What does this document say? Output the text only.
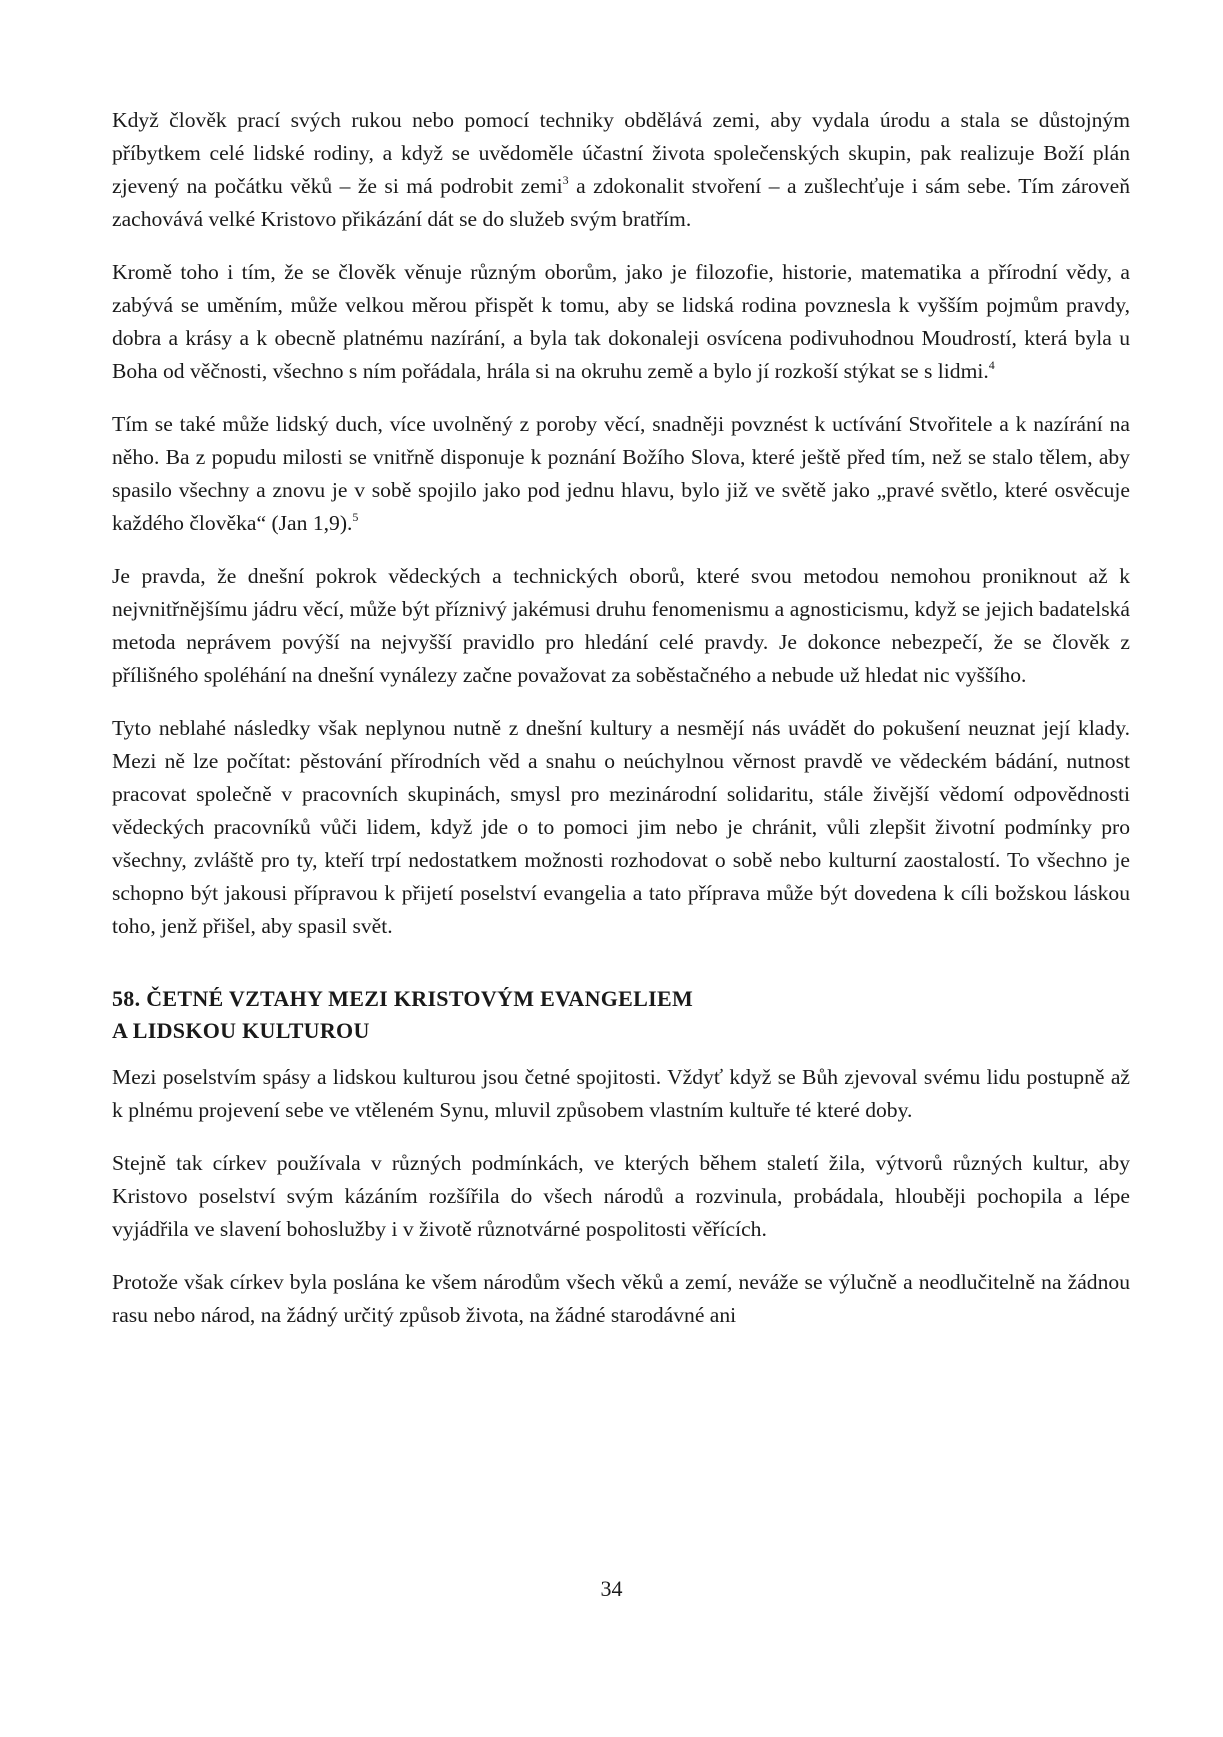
Když člověk prací svých rukou nebo pomocí techniky obdělává zemi, aby vydala úrodu a stala se důstojným příbytkem celé lidské rodiny, a když se uvědoměle účastní života společenských skupin, pak realizuje Boží plán zjevený na počátku věků – že si má podrobit zemi$^3$ a zdokonalit stvoření – a zušlechťuje i sám sebe. Tím zároveň zachovává velké Kristovo přikázání dát se do služeb svým bratřím.

Kromě toho i tím, že se člověk věnuje různým oborům, jako je filozofie, historie, matematika a přírodní vědy, a zabývá se uměním, může velkou měrou přispět k tomu, aby se lidská rodina povznesla k vyšším pojmům pravdy, dobra a krásy a k obecně platnému nazírání, a byla tak dokonaleji osvícena podivuhodnou Moudrostí, která byla u Boha od věčnosti, všechno s ním pořádala, hrála si na okruhu země a bylo jí rozkoší stýkat se s lidmi.$^4$

Tím se také může lidský duch, více uvolněný z poroby věcí, snadněji povznést k uctívání Stvořitele a k nazírání na něho. Ba z popudu milosti se vnitřně disponuje k poznání Božího Slova, které ještě před tím, než se stalo tělem, aby spasilo všechny a znovu je v sobě spojilo jako pod jednu hlavu, bylo již ve světě jako „pravé světlo, které osvěcuje každého člověka“ (Jan 1,9).$^5$

Je pravda, že dnešní pokrok vědeckých a technických oborů, které svou metodou nemohou proniknout až k nejvnitřnějšímu jádru věcí, může být příznivý jakémusi druhu fenomenismu a agnosticismu, když se jejich badatelská metoda neprávem povýší na nejvyšší pravidlo pro hledání celé pravdy. Je dokonce nebezpečí, že se člověk z přílišného spoléhání na dnešní vynálezy začne považovat za soběstačného a nebude už hledat nic vyššího.

Tyto neblahé následky však neplynou nutně z dnešní kultury a nesmějí nás uvádět do pokušení neuznat její klady. Mezi ně lze počítat: pěstování přírodních věd a snahu o neúchylnou věrnost pravdě ve vědeckém bádání, nutnost pracovat společně v pracovních skupinách, smysl pro mezinárodní solidaritu, stále živější vědomí odpovědnosti vědeckých pracovníků vůči lidem, když jde o to pomoci jim nebo je chránit, vůli zlepšit životní podmínky pro všechny, zvláště pro ty, kteří trpí nedostatkem možnosti rozhodovat o sobě nebo kulturní zaostalostí. To všechno je schopno být jakousi přípravou k přijetí poselství evangelia a tato příprava může být dovedena k cíli božskou láskou toho, jenž přišel, aby spasil svět.

58. ČETNÉ VZTAHY MEZI KRISTOVÝM EVANGELIEM
A LIDSKOU KULTUROU

Mezi poselstvím spásy a lidskou kulturou jsou četné spojitosti. Vždyť když se Bůh zjevoval svému lidu postupně až k plnému projevení sebe ve vtěleném Synu, mluvil způsobem vlastním kultuře té které doby.

Stejně tak církev používala v různých podmínkách, ve kterých během staletí žila, výtvorů různých kultur, aby Kristovo poselství svým kázáním rozšířila do všech národů a rozvinula, probádala, hlouběji pochopila a lépe vyjádřila ve slavení bohoslužby i v životě různotvárné pospolitosti věřících.

Protože však církev byla poslána ke všem národům všech věků a zemí, neváže se výlučně a neodlučitelně na žádnou rasu nebo národ, na žádný určitý způsob života, na žádné starodávné ani

34
